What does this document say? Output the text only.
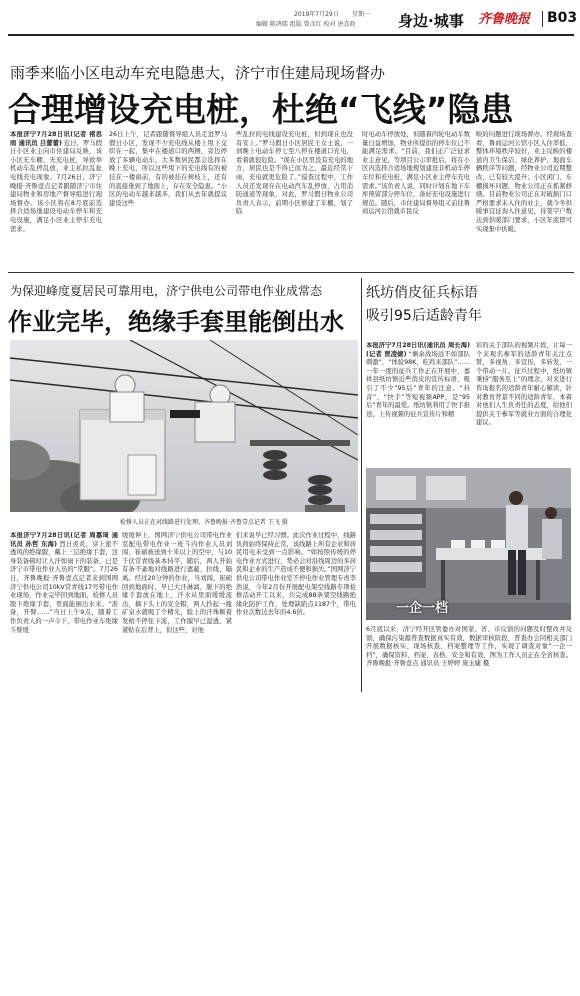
2019年7月29日 星期一
编辑 陈鸿儒 组版 曾彦红 校对 唐喜政	身边·城事 齐鲁晚报 B03
雨季来临小区电动车充电隐患大，济宁市住建局现场督办
合理增设充电桩，杜绝“飞线”隐患
本报济宁7月28日讯(记者 褚思雨 通讯员 吕蕾蕾) 近日，罗马假日小区业主向市住建局反映，该小区无车棚、无充电桩，导致举机动车乱停乱放，业主私拉乱扯电线充电现象。7月26日，济宁晚报·齐鲁壹点记者跟随济宁市住建局物业和房地产督导组进行现场督办。该小区将在8月底前选择合适场地建设电动车停车和充电设施，满足小区业主停车充电需求。
26日上午，记者跟随督导组人员走进罗马假日小区，发现不少充电线从楼上甩下交织在一起，集中在楼道口的两侧，旁边停放了多辆电动车。大多数居民都会选择在晚上充电，所以这些甩下的充电线有的被挂在一楼窗前，有的被挂在树枝上，还有的直接垂到了地面上，存在安全隐患。“小区的电动车越来越多，我们从去年就提议建设这些
些乱拉的电线建设充电桩，但到现在也没有安上。”罗马假日小区居民王女士说，一到晚上电动车停七至八停在楼道口充电，看着就很危险。“现在小区里没有充电的地方，居民也是不得已而为之，最近经常下雨，充电就更危险了。”巡查过程中，工作人员还发现存在电动汽车乱停放、占用消防通道等现象，对此，罗马假日物业公司负责人表示，前期小区修建了车棚，划了临
时电动车停放处，但随着四轮电动车数量日益增加，物业所提供的停车位已不能满足需求。“目前，我们正广泛征求业主意见，等项目公示审批后，将在小区内选择合适场地规划建设非机动车停车位和充电桩，满足小区业主停车充电需求。”该负责人说，同时计划在地下车库预留部分停车位，备好充电设施进行规范。随后，市住建局督导组又前往鲁商运河公馆就市民反
映的问题进行现场督办。经现场查看，鲁商运河公馆小区入住率低，整体环境秩序较好，业主反映的楼道内卫生保洁、绿化养护、地面车辆秩序等问题，经物业公司近期整改，已有较大提升；小区闲门、车棚损坏问题，物业公司正在抓紧修缮。目前物业公司正在对破损门口严格要求未入住的业主，就今冬供暖事宜征询入住意见，待签字户数达到供暖部门要求，小区年底即可实现集中供暖。
为保迎峰度夏居民可靠用电，济宁供电公司带电作业成常态
作业完毕，绝缘手套里能倒出水
检修人员正在对线路进行处理。齐鲁晚报·齐鲁壹点记者 王飞 摄
本报济宁7月28日讯(记者 周嘉琦 通讯员 孙哲 东海) 烈日炎炎，穿上密不透风的绝缘服，戴上三层绝缘手套，这身装备顿时让人汗如雨下的装备，已是济宁市带电作业人员的“常服”。7月26日，齐鲁晚报·齐鲁壹点记者来到国网济宁供电公司10kV常青线17号带电作业现场，作业完毕回到地面，检修人员脱下绝缘手套，里面能倒出水来。“准备，开臂……”当日上午9点，随着工作负责人的一声令下，带电作业车绝缘斗臂缓
缓缓伸上，国网济宁供电公司带电作业室配电带电作业一班斗内作业人员刘闯、崔硕被送到十米以上的空中，与10千伏常青线基本持平，随后，两人开始有条不紊地对线路进行遮蔽、拉线，隔离。经过20分钟的作业，当刘闯、崔硕回到地面时，早已大汗淋漓，脱下的绝缘手套放在地上，汗水从里面缓缓流出，摘下头上的安全帽，两人抄起一瓶矿泉水就喝了个精光，脸上的汗珠顺着发梢不停往下流，工作服早已湿透。紧紧贴在后背上，但这些，对他
们来说早已经习惯。此次作业过程中，线路负荷始终保持正常，该线路上所有企业和居民用电未受到一点影响。“如按照传统的停电作业方式进行，势必会对沿线周边的多居民和企业的生产造成不便和损失。”国网济宁供电公司带电作业室不停电作业管理专责李浩说，今年2月份开展配电架空线路专项检修活动开工以来，共完成88条架空线路绝缘化防护工作，处理缺陷点1187个，带电作业次数达去年的4.6倍。
纸坊俏皮征兵标语
吸引95后适龄青年
本报济宁7月28日讯(通讯员 周长海)(记者 贾凌婕) “剩余战场远不如部队刺激”，“体验98K，吃鸡来部队”……一年一度的征兵工作正在开展中，嘉祥县纸坊镇近些俏皮的宣传标语，吸引了不少“95后”青年的注意。“抖音”、“快手”等短视频APP，是“95后”青年的最爱。纸坊镇利用了快手推送，上传视频的征兵宣传片和精
彩的关于部队的视频片段，让每一个来观名参军的适龄青年关注点赞，多视角、多宣传，多转发，一个带动一片。征兵过程中，纸坊镇秉持“服务至上”的理念，对来进行咨询报名的适龄青年耐心解读，针对教育背景不同的适龄青年，本着对他们人生负责任的态度，给他们提供关于参军等就业方面的合理化建议。
一企一档
6月底以来，济宁经开区管委办对国家、省、市反馈的问题及时整改并反馈，确保污染源普查数据真实有效，数据审核阶段，普查办会同相关部门开展数据核实、现场核查、档案整理等工作，实现了调查对象“一企一档”，确保资料、档案、表格、安全和有效，图为工作人员正在全省核查。齐鲁晚报·齐鲁壹点 通讯员 王婷婷 庞玉婕 摄
